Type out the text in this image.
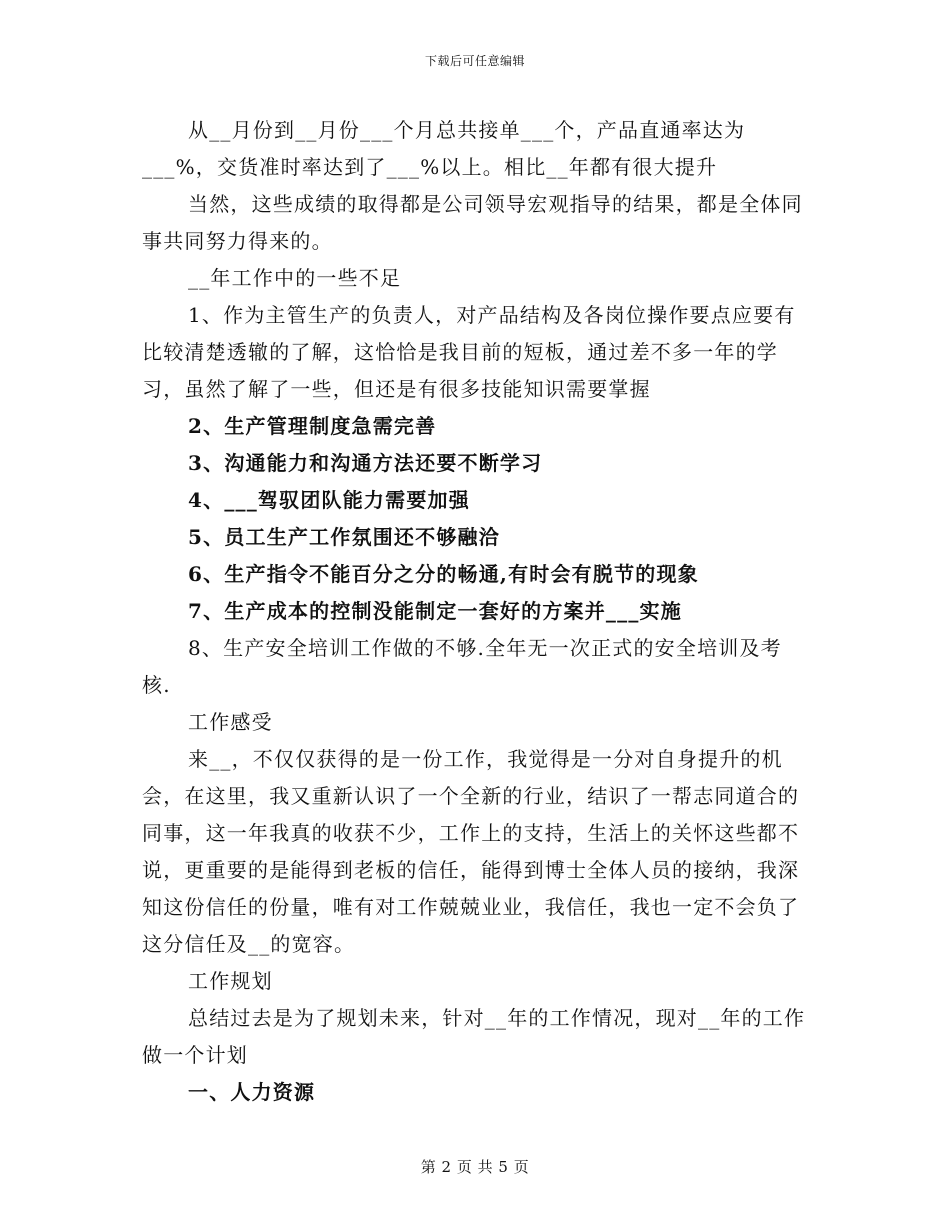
下载后可任意编辑

从__月份到__月份___个月总共接单___个，产品直通率达为___%，交货准时率达到了___%以上。相比__年都有很大提升

当然，这些成绩的取得都是公司领导宏观指导的结果，都是全体同事共同努力得来的。

__年工作中的一些不足

1、作为主管生产的负责人，对产品结构及各岗位操作要点应要有比较清楚透辙的了解，这恰恰是我目前的短板，通过差不多一年的学习，虽然了解了一些，但还是有很多技能知识需要掌握

2、生产管理制度急需完善

3、沟通能力和沟通方法还要不断学习

4、___驾驭团队能力需要加强

5、员工生产工作氛围还不够融洽

6、生产指令不能百分之分的畅通,有时会有脱节的现象

7、生产成本的控制没能制定一套好的方案并___实施

8、生产安全培训工作做的不够.全年无一次正式的安全培训及考核.

工作感受

来__，不仅仅获得的是一份工作，我觉得是一分对自身提升的机会，在这里，我又重新认识了一个全新的行业，结识了一帮志同道合的同事，这一年我真的收获不少，工作上的支持，生活上的关怀这些都不说，更重要的是能得到老板的信任，能得到博士全体人员的接纳，我深知这份信任的份量，唯有对工作兢兢业业，我信任，我也一定不会负了这分信任及__的宽容。

工作规划

总结过去是为了规划未来，针对__年的工作情况，现对__年的工作做一个计划

一、人力资源

第 2 页 共 5 页
